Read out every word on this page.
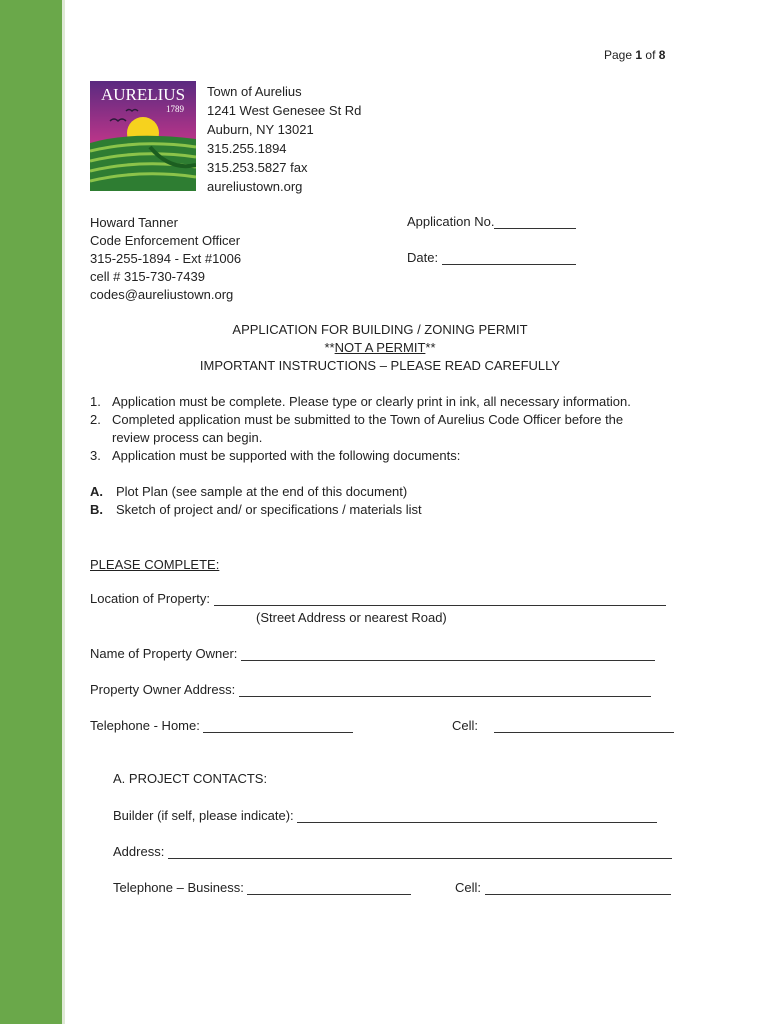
Page 1 of 8
AURELIUS
1789
Town of Aurelius
1241 West Genesee St Rd
Auburn, NY 13021
315.255.1894
315.253.5827 fax
aureliustown.org
Howard Tanner
Code Enforcement Officer
315-255-1894 - Ext #1006
cell # 315-730-7439
codes@aureliustown.org
Application No.
Date:
APPLICATION FOR BUILDING / ZONING PERMIT
**NOT A PERMIT**
IMPORTANT INSTRUCTIONS – PLEASE READ CAREFULLY
1. Application must be complete. Please type or clearly print in ink, all necessary information.
2. Completed application must be submitted to the Town of Aurelius Code Officer before the
review process can begin.
3. Application must be supported with the following documents:
A. Plot Plan (see sample at the end of this document)
B. Sketch of project and/ or specifications / materials list
PLEASE COMPLETE:
Location of Property:
(Street Address or nearest Road)
Name of Property Owner:
Property Owner Address:
Telephone - Home:	Cell:
A. PROJECT CONTACTS:
Builder (if self, please indicate):
Address:
Telephone – Business:	Cell:
